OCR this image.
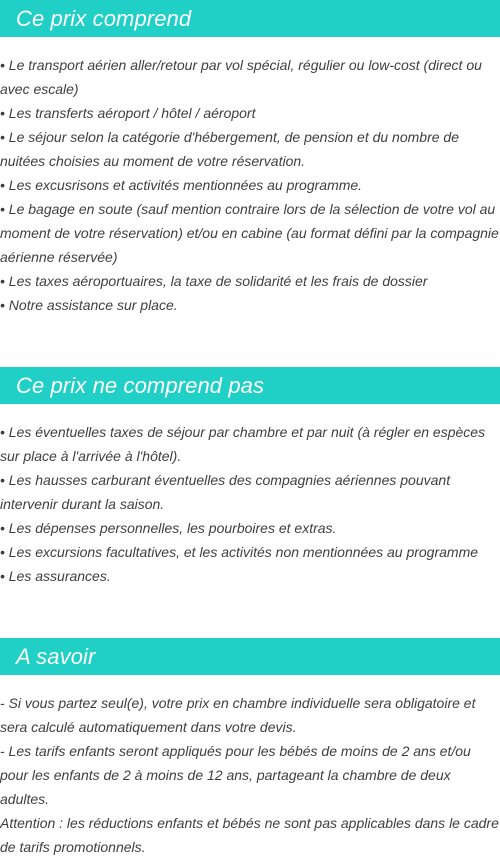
Ce prix comprend

• Le transport aérien aller/retour par vol spécial, régulier ou low-cost (direct ou avec escale)

• Les transferts aéroport / hôtel / aéroport

• Le séjour selon la catégorie d'hébergement, de pension et du nombre de nuitées choisies au moment de votre réservation.

• Les excusrisons et activités mentionnées au programme.

• Le bagage en soute (sauf mention contraire lors de la sélection de votre vol au moment de votre réservation) et/ou en cabine (au format défini par la compagnie aérienne réservée)

• Les taxes aéroportuaires, la taxe de solidarité et les frais de dossier

• Notre assistance sur place.

Ce prix ne comprend pas

• Les éventuelles taxes de séjour par chambre et par nuit (à régler en espèces sur place à l'arrivée à l'hôtel).

• Les hausses carburant éventuelles des compagnies aériennes pouvant intervenir durant la saison.

• Les dépenses personnelles, les pourboires et extras.

• Les excursions facultatives, et les activités non mentionnées au programme

• Les assurances.

A savoir

- Si vous partez seul(e), votre prix en chambre individuelle sera obligatoire et sera calculé automatiquement dans votre devis.

- Les tarifs enfants seront appliqués pour les bébés de moins de 2 ans et/ou pour les enfants de 2 à moins de 12 ans, partageant la chambre de deux adultes.

Attention : les réductions enfants et bébés ne sont pas applicables dans le cadre de tarifs promotionnels.
